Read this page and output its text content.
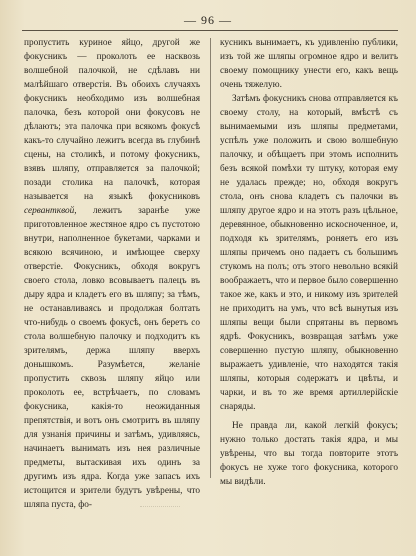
— 96 —

пропустить куриное яйцо, другой же фокусникъ — проколоть ее насквозь волшебной палочкой, не сдѣлавъ ни малѣйшаго отверстія. Въ обоихъ случаяхъ фокусникъ необходимо изъ волшебная палочка, безъ которой они фокусовъ не дѣлаютъ; эта палочка при всякомъ фокусѣ какъ-то случайно лежитъ всегда въ глубинѣ сцены, на столикѣ, и потому фокусникъ, взявъ шляпу, отправляется за палочкой; позади столика на палочкѣ, которая называется на языкѣ фокусниковъ сервантквой, лежитъ заранѣе уже приготовленное жестяное ядро съ пустотою внутри, наполненное букетами, чарками и всякою всячиною, и имѣющее сверху отверстіе. Фокусникъ, обходя вокругъ своего стола, ловко всовываетъ палецъ въ дыру ядра и кладетъ его въ шляпу; за тѣмъ, не останавливаясь и продолжая болтать что-нибудь о своемъ фокусѣ, онъ беретъ со стола волшебную палочку и подходитъ къ зрителямъ, держа шляпу вверхъ донышкомъ. Разумѣется, желаніе пропустить сквозь шляпу яйцо или проколоть ее, встрѣчаетъ, по словамъ фокусника, какія-то неожиданныя препятствія, и вотъ онъ смотритъ въ шляпу для узнанія причины и затѣмъ, удивляясь, начинаетъ вынимать изъ нея различные предметы, вытаскивая ихъ одинъ за другимъ изъ ядра. Когда уже запасъ ихъ истощится и зрители будутъ увѣрены, что шляпа пуста, фо-

кусникъ вынимаетъ, къ удивленію публики, изъ той же шляпы огромное ядро и велитъ своему помощнику унести его, какъ вещь очень тяжелую.

Затѣмъ фокусникъ снова отправляется къ своему столу, на который, вмѣстѣ съ вынимаемыми изъ шляпы предметами, успѣлъ уже положить и свою волшебную палочку, и обѣщаетъ при этомъ исполнить безъ всякой помѣхи ту штуку, которая ему не удалась прежде; но, обходя вокругъ стола, онъ снова кладетъ съ палочки въ шляпу другое ядро и на этотъ разъ цѣльное, деревянное, обыкновенно искосноченное, и, подходя къ зрителямъ, роняетъ его изъ шляпы причемъ оно падаетъ съ большимъ стукомъ на полъ; отъ этого невольно всякій воображаетъ, что и первое было совершенно такое же, какъ и это, и никому изъ зрителей не приходитъ на умъ, что всѣ вынутыя изъ шляпы вещи были спрятаны въ первомъ ядрѣ. Фокусникъ, возвращая затѣмъ уже совершенно пустую шляпу, обыкновенно выражаетъ удивленіе, что находятся такія шляпы, которыя содержатъ и цвѣты, и чарки, и въ то же время артиллерійскіе снаряды.

Не правда ли, какой легкій фокусъ; нужно только достать такія ядра, и мы увѣрены, что вы тогда повторите этотъ фокусъ не хуже того фокусника, которого мы видѣли.
